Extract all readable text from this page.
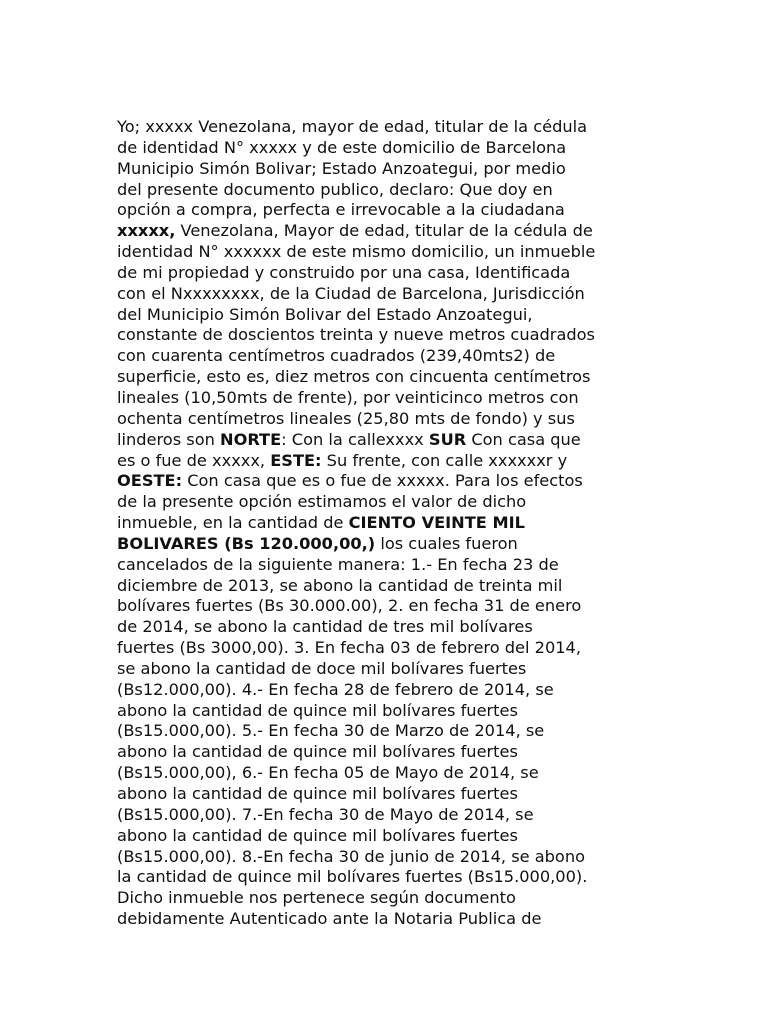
Yo; xxxxx Venezolana, mayor de edad, titular de la cédula
de identidad N° xxxxx y de este domicilio de Barcelona
Municipio Simón Bolivar; Estado Anzoategui, por medio
del presente documento publico, declaro: Que doy en
opción a compra, perfecta e irrevocable a la ciudadana
xxxxx, Venezolana, Mayor de edad, titular de la cédula de
identidad N° xxxxxx de este mismo domicilio, un inmueble
de mi propiedad y construido por una casa, Identificada
con el Nxxxxxxxx, de la Ciudad de Barcelona, Jurisdicción
del Municipio Simón Bolivar del Estado Anzoategui,
constante de doscientos treinta y nueve metros cuadrados
con cuarenta centímetros cuadrados (239,40mts2) de
superficie, esto es, diez metros con cincuenta centímetros
lineales (10,50mts de frente), por veinticinco metros con
ochenta centímetros lineales (25,80 mts de fondo) y sus
linderos son NORTE: Con la callexxxx SUR Con casa que
es o fue de xxxxx, ESTE: Su frente, con calle xxxxxxr y
OESTE: Con casa que es o fue de xxxxx. Para los efectos
de la presente opción estimamos el valor de dicho
inmueble, en la cantidad de CIENTO VEINTE MIL
BOLIVARES (Bs 120.000,00,) los cuales fueron
cancelados de la siguiente manera: 1.- En fecha 23 de
diciembre de 2013, se abono la cantidad de treinta mil
bolívares fuertes (Bs 30.000.00), 2. en fecha 31 de enero
de 2014, se abono la cantidad de tres mil bolívares
fuertes (Bs 3000,00). 3. En fecha 03 de febrero del 2014,
se abono la cantidad de doce mil bolívares fuertes
(Bs12.000,00). 4.- En fecha 28 de febrero de 2014, se
abono la cantidad de quince mil bolívares fuertes
(Bs15.000,00). 5.- En fecha 30 de Marzo de 2014, se
abono la cantidad de quince mil bolívares fuertes
(Bs15.000,00), 6.- En fecha 05 de Mayo de 2014, se
abono la cantidad de quince mil bolívares fuertes
(Bs15.000,00). 7.-En fecha 30 de Mayo de 2014, se
abono la cantidad de quince mil bolívares fuertes
(Bs15.000,00). 8.-En fecha 30 de junio de 2014, se abono
la cantidad de quince mil bolívares fuertes (Bs15.000,00).
Dicho inmueble nos pertenece según documento
debidamente Autenticado ante la Notaria Publica de
